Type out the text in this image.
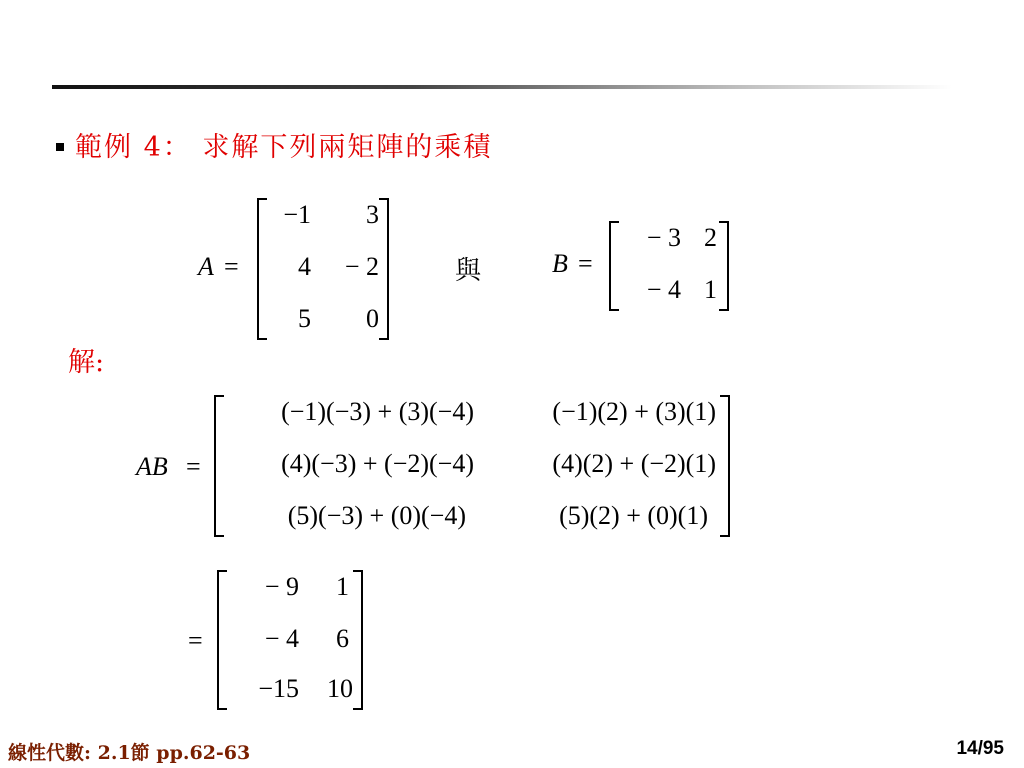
範例 4： 求解下列兩矩陣的乘積
A =
−1 3
4 − 2
5 0
與	B =
− 3 2
− 4 1
解:
AB =
(−1)(−3) + (3)(−4)	(−1)(2) + (3)(1)
(4)(−3) + (−2)(−4)	(4)(2) + (−2)(1)
(5)(−3) + (0)(−4)	(5)(2) + (0)(1)
=
− 9 1
− 4 6
−15 10
線性代數: 2.1節 pp.62-63	14/95
